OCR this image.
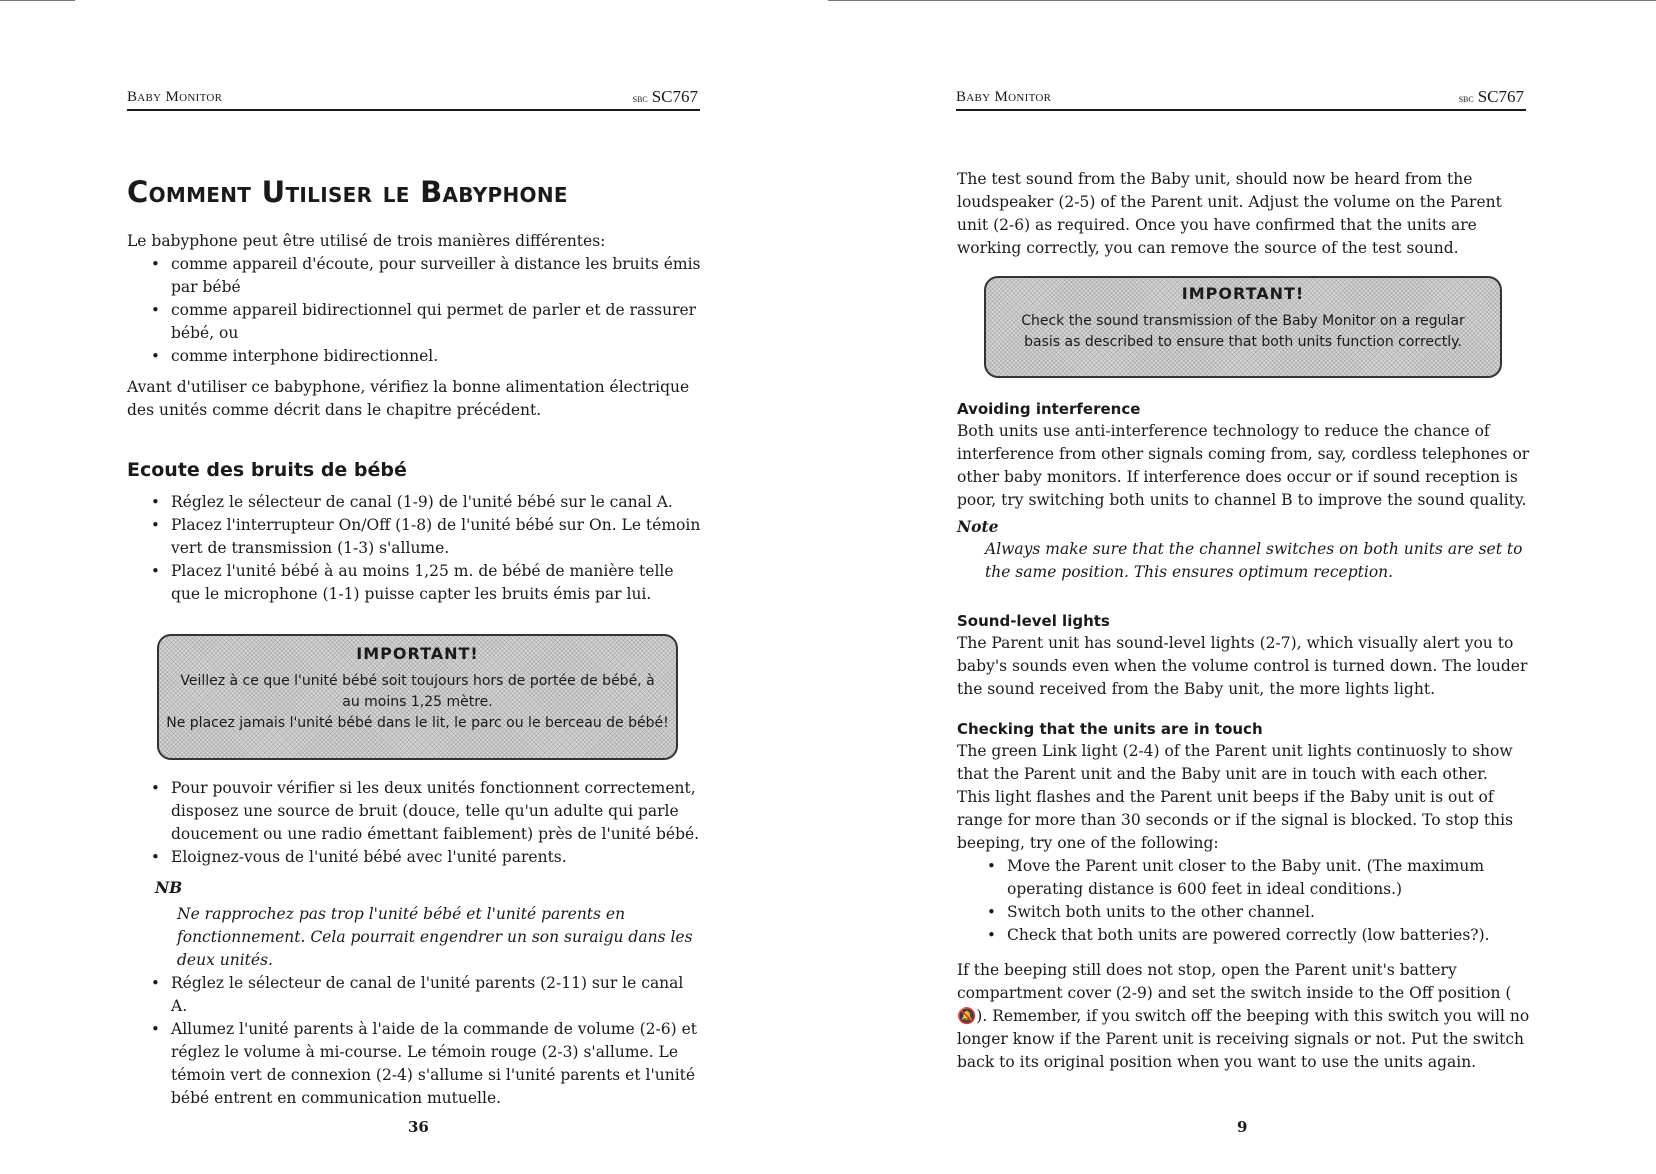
Baby Monitor	sbc SC767
Comment Utiliser le Babyphone

Le babyphone peut être utilisé de trois manières différentes:

• comme appareil d'écoute, pour surveiller à distance les bruits émis par bébé
• comme appareil bidirectionnel qui permet de parler et de rassurer bébé, ou
• comme interphone bidirectionnel.

Avant d'utiliser ce babyphone, vérifiez la bonne alimentation électrique des unités comme décrit dans le chapitre précédent.

Ecoute des bruits de bébé
• Réglez le sélecteur de canal (1-9) de l'unité bébé sur le canal A.
• Placez l'interrupteur On/Off (1-8) de l'unité bébé sur On. Le témoin vert de transmission (1-3) s'allume.
• Placez l'unité bébé à au moins 1,25 m. de bébé de manière telle que le microphone (1-1) puisse capter les bruits émis par lui.

IMPORTANT!

Veillez à ce que l'unité bébé soit toujours hors de portée de bébé, à

au moins 1,25 mètre.

Ne placez jamais l'unité bébé dans le lit, le parc ou le berceau de bébé!

• Pour pouvoir vérifier si les deux unités fonctionnent correctement, disposez une source de bruit (douce, telle qu'un adulte qui parle doucement ou une radio émettant faiblement) près de l'unité bébé.
• Eloignez-vous de l'unité bébé avec l'unité parents.

NB

Ne rapprochez pas trop l'unité bébé et l'unité parents en fonctionnement. Cela pourrait engendrer un son suraigu dans les deux unités.

• Réglez le sélecteur de canal de l'unité parents (2-11) sur le canal A.
• Allumez l'unité parents à l'aide de la commande de volume (2-6) et réglez le volume à mi-course. Le témoin rouge (2-3) s'allume. Le témoin vert de connexion (2-4) s'allume si l'unité parents et l'unité bébé entrent en communication mutuelle.
36
Baby Monitor	sbc SC767

The test sound from the Baby unit, should now be heard from the loudspeaker (2-5) of the Parent unit. Adjust the volume on the Parent unit (2-6) as required. Once you have confirmed that the units are working correctly, you can remove the source of the test sound.

IMPORTANT!

Check the sound transmission of the Baby Monitor on a regular

basis as described to ensure that both units function correctly.

Avoiding interference

Both units use anti-interference technology to reduce the chance of interference from other signals coming from, say, cordless telephones or other baby monitors. If interference does occur or if sound reception is poor, try switching both units to channel B to improve the sound quality.

Note

Always make sure that the channel switches on both units are set to the same position. This ensures optimum reception.

Sound-level lights

The Parent unit has sound-level lights (2-7), which visually alert you to baby's sounds even when the volume control is turned down. The louder the sound received from the Baby unit, the more lights light.

Checking that the units are in touch

The green Link light (2-4) of the Parent unit lights continuosly to show that the Parent unit and the Baby unit are in touch with each other.

This light flashes and the Parent unit beeps if the Baby unit is out of range for more than 30 seconds or if the signal is blocked. To stop this beeping, try one of the following:

• Move the Parent unit closer to the Baby unit. (The maximum operating distance is 600 feet in ideal conditions.)
• Switch both units to the other channel.
• Check that both units are powered correctly (low batteries?).

If the beeping still does not stop, open the Parent unit's battery compartment cover (2-9) and set the switch inside to the Off position ( 🔕). Remember, if you switch off the beeping with this switch you will no longer know if the Parent unit is receiving signals or not. Put the switch back to its original position when you want to use the units again.

9
